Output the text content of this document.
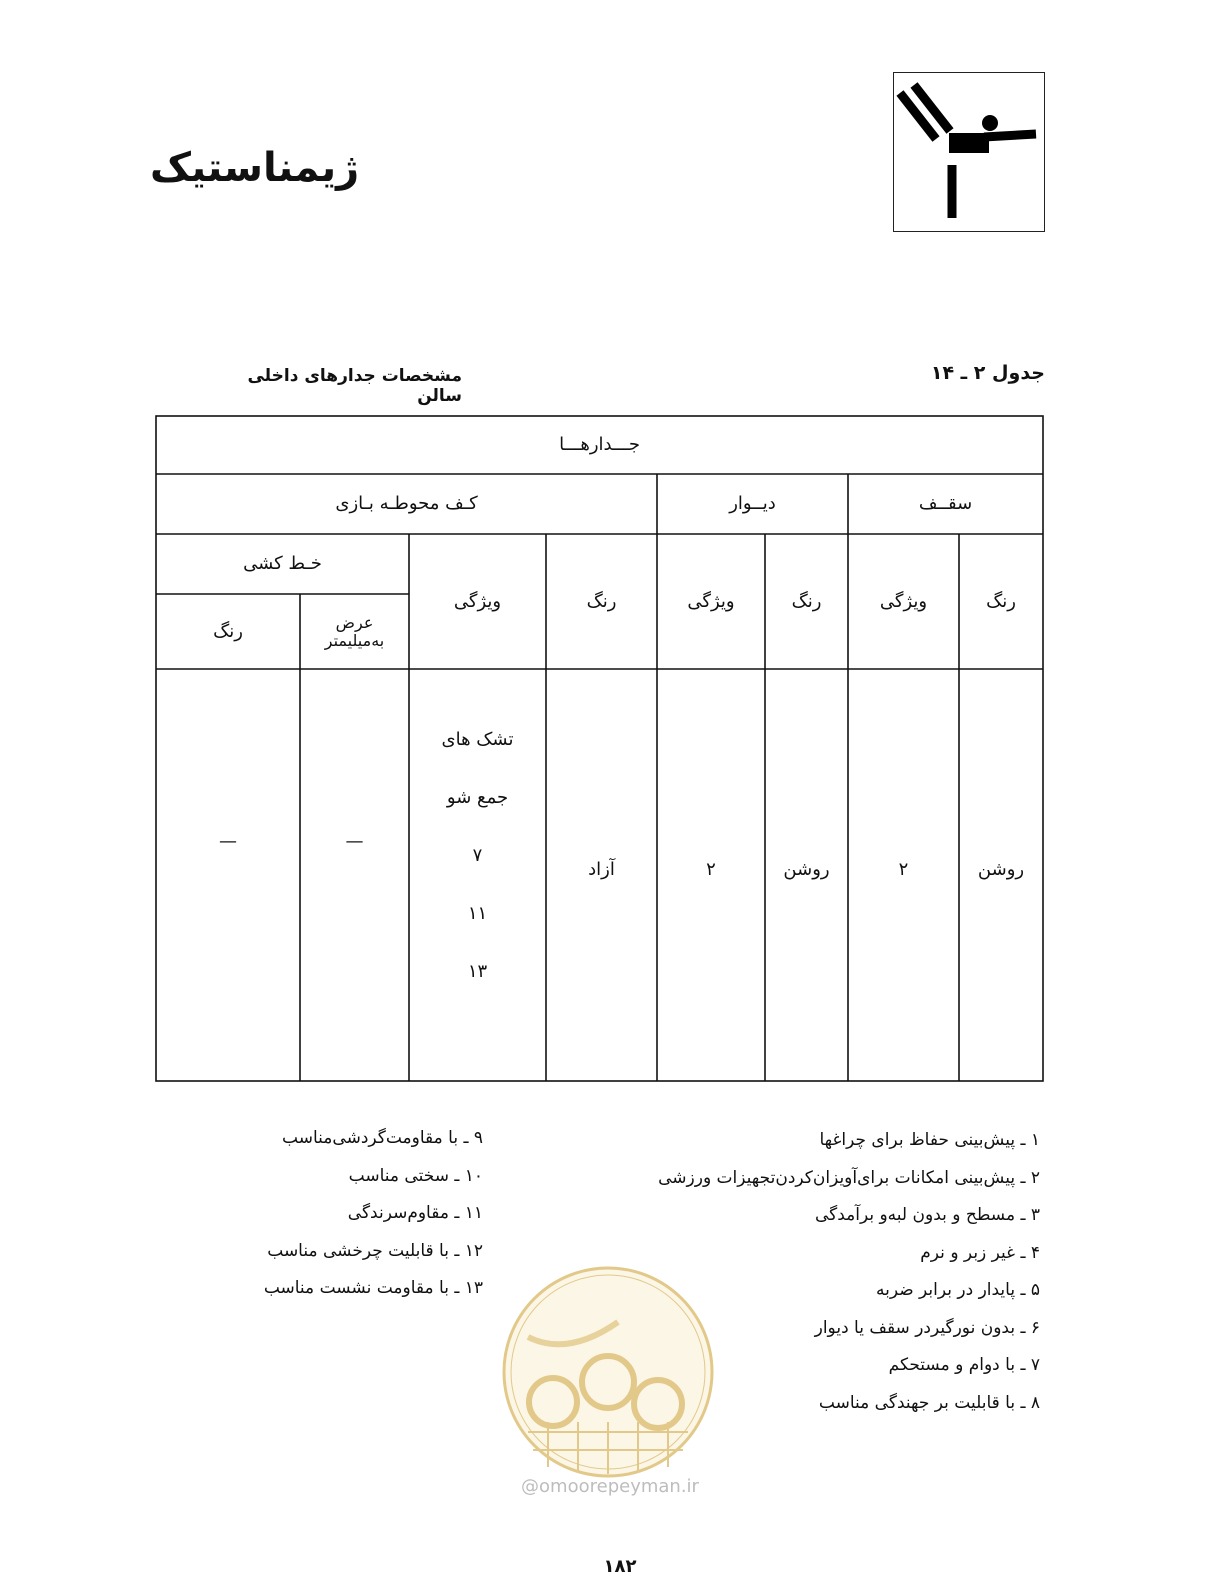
ژیمناستیک
جدول ۲ ـ ۱۴
مشخصات جدارهای داخلی سالن
جـــدارهـــا
سقــف
دیــوار
کـف محوطـه بـازی
رنگ
ویژگی
رنگ
ویژگی
رنگ
ویژگی
خـط کشی
عرض
به‌میلیمتر
رنگ
روشن
۲
روشن
۲
آزاد
تشک های
جمع شو
۷
۱۱
۱۳
—
—
۱ ـ پیش‌بینی حفاظ برای چراغها
۲ ـ پیش‌بینی امکانات برای‌آویزان‌کردن‌تجهیزات ورزشی
۳ ـ مسطح و بدون لبه‌و برآمدگی
۴ ـ غیر زبر و نرم
۵ ـ پایدار در برابر ضربه
۶ ـ بدون نورگیردر سقف یا دیوار
۷ ـ با دوام و مستحکم
۸ ـ با قابلیت بر جهندگی مناسب
۹ ـ با مقاومت‌گردشی‌مناسب
۱۰ ـ سختی مناسب
۱۱ ـ مقاوم‌سرندگی
۱۲ ـ با قابلیت چرخشی مناسب
۱۳ ـ با مقاومت نشست مناسب
@omoorepeyman.ir
۱۸۲
